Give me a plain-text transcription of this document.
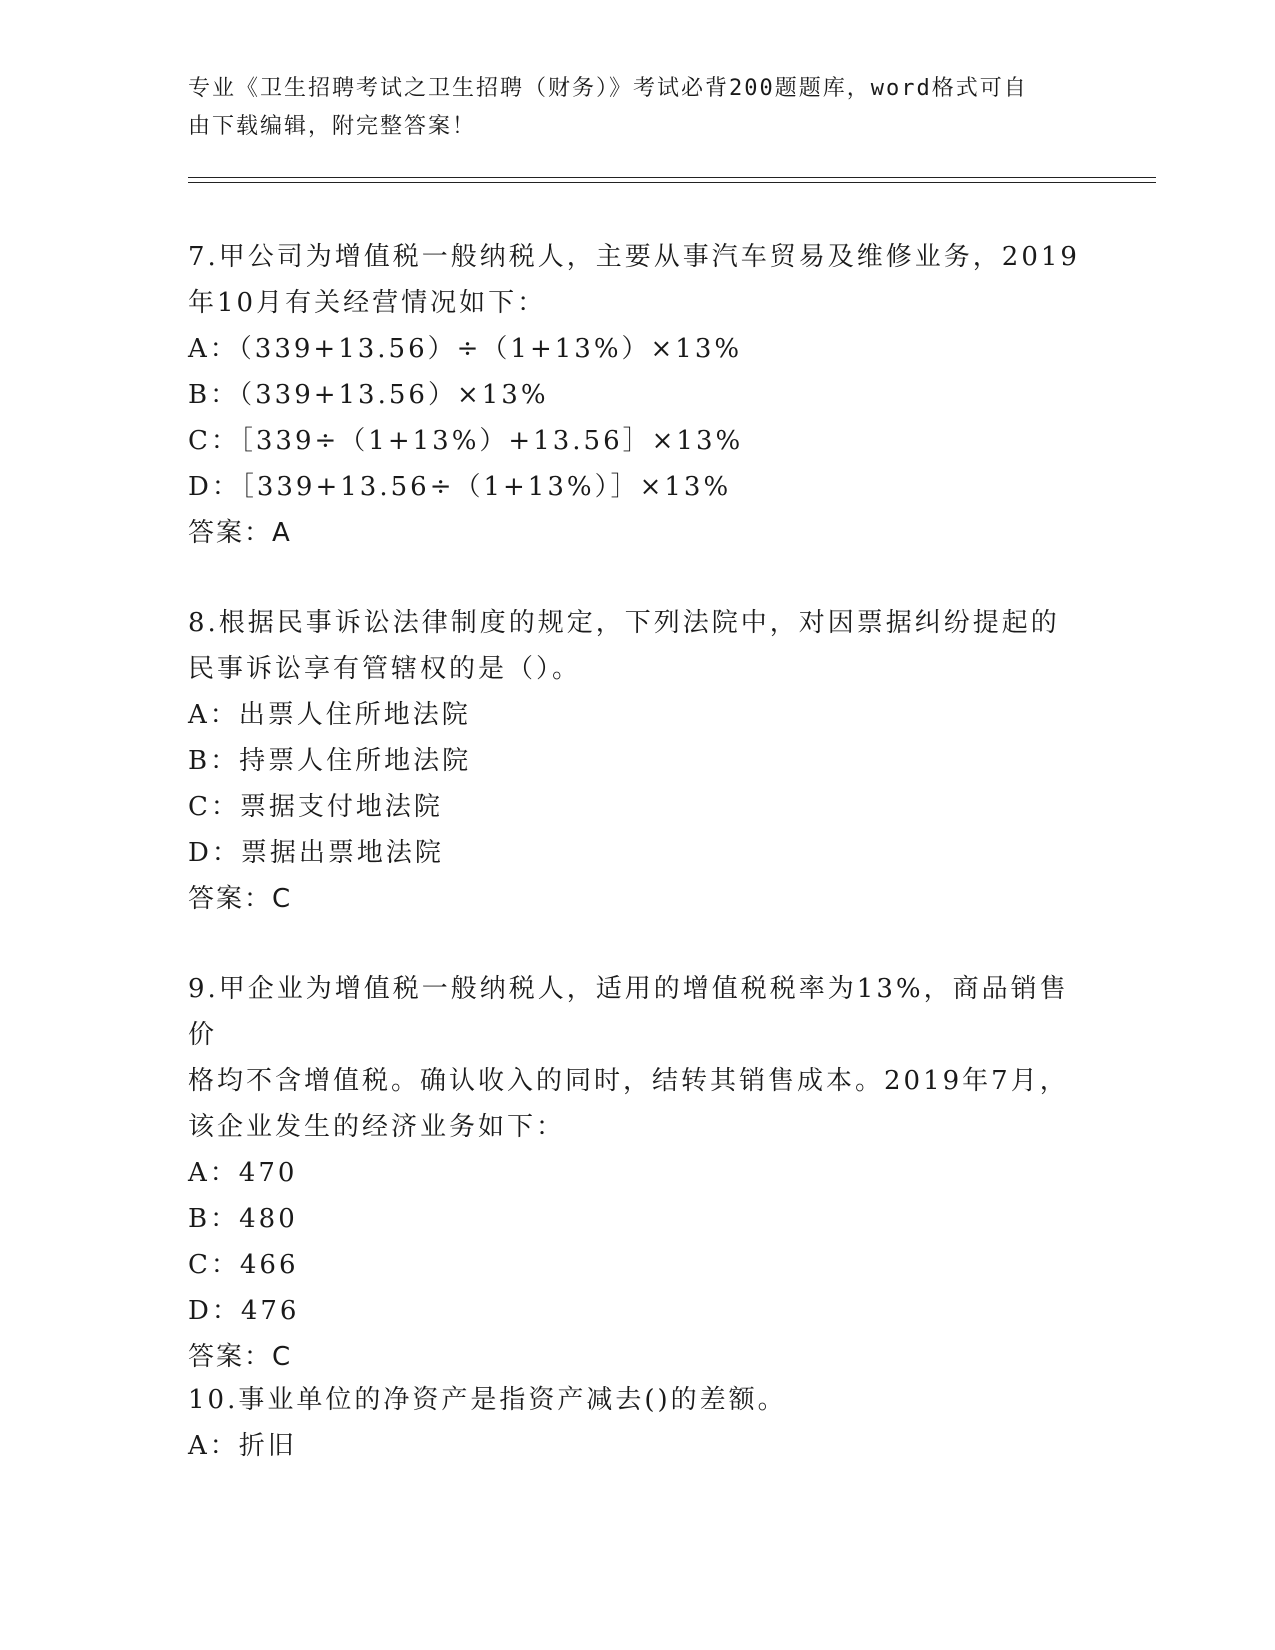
专业《卫生招聘考试之卫生招聘（财务）》考试必背200题题库，word格式可自
由下载编辑，附完整答案！
7.甲公司为增值税一般纳税人，主要从事汽车贸易及维修业务，2019
年10月有关经营情况如下：
A：（339+13.56）÷（1+13%）×13%
B：（339+13.56）×13%
C：［339÷（1+13%）+13.56］×13%
D：［339+13.56÷（1+13%）］×13%
答案：A
8.根据民事诉讼法律制度的规定，下列法院中，对因票据纠纷提起的
民事诉讼享有管辖权的是（）。
A：出票人住所地法院
B：持票人住所地法院
C：票据支付地法院
D：票据出票地法院
答案：C
9.甲企业为增值税一般纳税人，适用的增值税税率为13%，商品销售价
格均不含增值税。确认收入的同时，结转其销售成本。2019年7月，
该企业发生的经济业务如下：
A：470
B：480
C：466
D：476
答案：C
10.事业单位的净资产是指资产减去()的差额。
A：折旧
